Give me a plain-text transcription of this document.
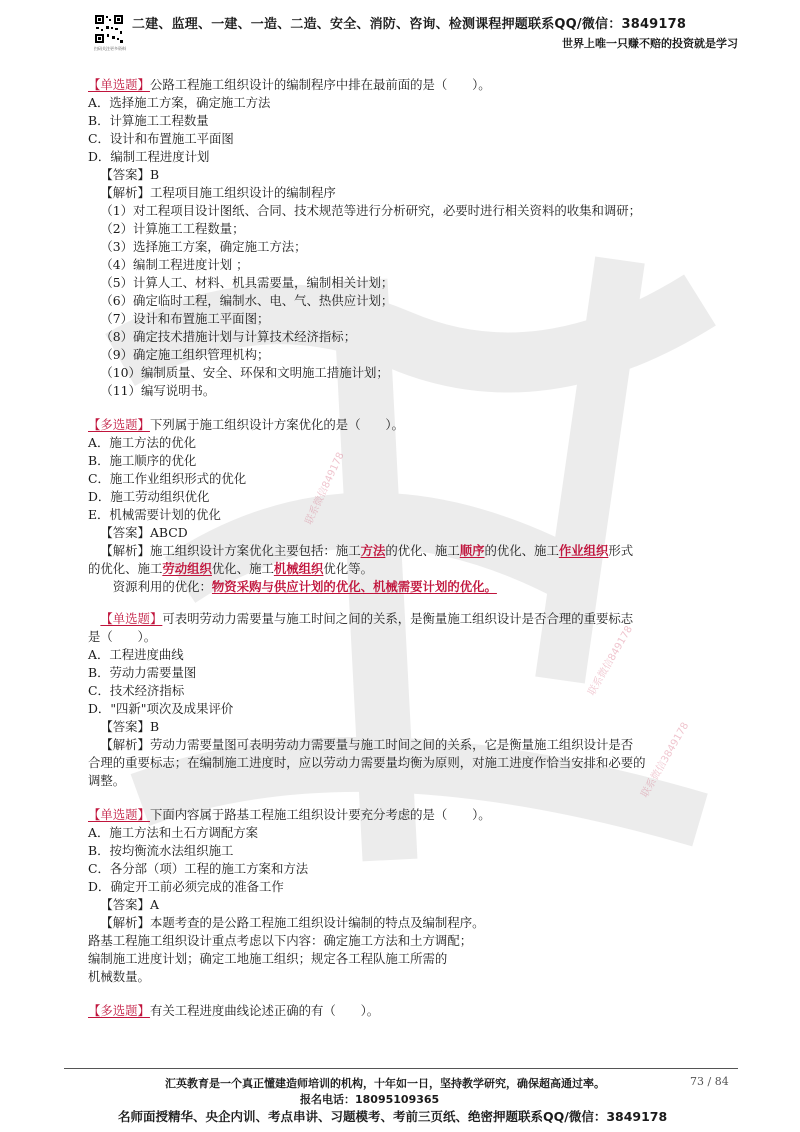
扫码关注更多资料
二建、监理、一建、一造、二造、安全、消防、咨询、检测课程押题联系QQ/微信：3849178
世界上唯一只赚不赔的投资就是学习
联系微信849178
联系微信849178
联系微信3849178
【单选题】公路工程施工组织设计的编制程序中排在最前面的是（　　）。
A．选择施工方案，确定施工方法
B．计算施工工程数量
C．设计和布置施工平面图
D．编制工程进度计划
【答案】B
【解析】工程项目施工组织设计的编制程序
（1）对工程项目设计图纸、合同、技术规范等进行分析研究，必要时进行相关资料的收集和调研；
（2）计算施工工程数量；
（3）选择施工方案，确定施工方法；
（4）编制工程进度计划 ；
（5）计算人工、材料、机具需要量，编制相关计划；
（6）确定临时工程，编制水、电、气、热供应计划；
（7）设计和布置施工平面图；
（8）确定技术措施计划与计算技术经济指标；
（9）确定施工组织管理机构；
（10）编制质量、安全、环保和文明施工措施计划；
（11）编写说明书。
【多选题】下列属于施工组织设计方案优化的是（　　）。
A．施工方法的优化
B．施工顺序的优化
C．施工作业组织形式的优化
D．施工劳动组织优化
E．机械需要计划的优化
【答案】ABCD
【解析】施工组织设计方案优化主要包括：施工方法的优化、施工顺序的优化、施工作业组织形式
的优化、施工劳动组织优化、施工机械组织优化等。
资源利用的优化：物资采购与供应计划的优化、机械需要计划的优化。
【单选题】可表明劳动力需要量与施工时间之间的关系，是衡量施工组织设计是否合理的重要标志
是（　　）。
A．工程进度曲线
B．劳动力需要量图
C．技术经济指标
D．"四新"项次及成果评价
【答案】B
【解析】劳动力需要量图可表明劳动力需要量与施工时间之间的关系，它是衡量施工组织设计是否
合理的重要标志；在编制施工进度时，应以劳动力需要量均衡为原则，对施工进度作恰当安排和必要的
调整。
【单选题】下面内容属于路基工程施工组织设计要充分考虑的是（　　）。
A．施工方法和土石方调配方案
B．按均衡流水法组织施工
C．各分部（项）工程的施工方案和方法
D．确定开工前必须完成的准备工作
【答案】A
【解析】本题考查的是公路工程施工组织设计编制的特点及编制程序。
路基工程施工组织设计重点考虑以下内容：确定施工方法和土方调配；
编制施工进度计划；确定工地施工组织；规定各工程队施工所需的
机械数量。
【多选题】有关工程进度曲线论述正确的有（　　）。
汇英教育是一个真正懂建造师培训的机构，十年如一日，坚持教学研究，确保超高通过率。	73 / 84
报名电话：18095109365
名师面授精华、央企内训、考点串讲、习题模考、考前三页纸、绝密押题联系QQ/微信：3849178
